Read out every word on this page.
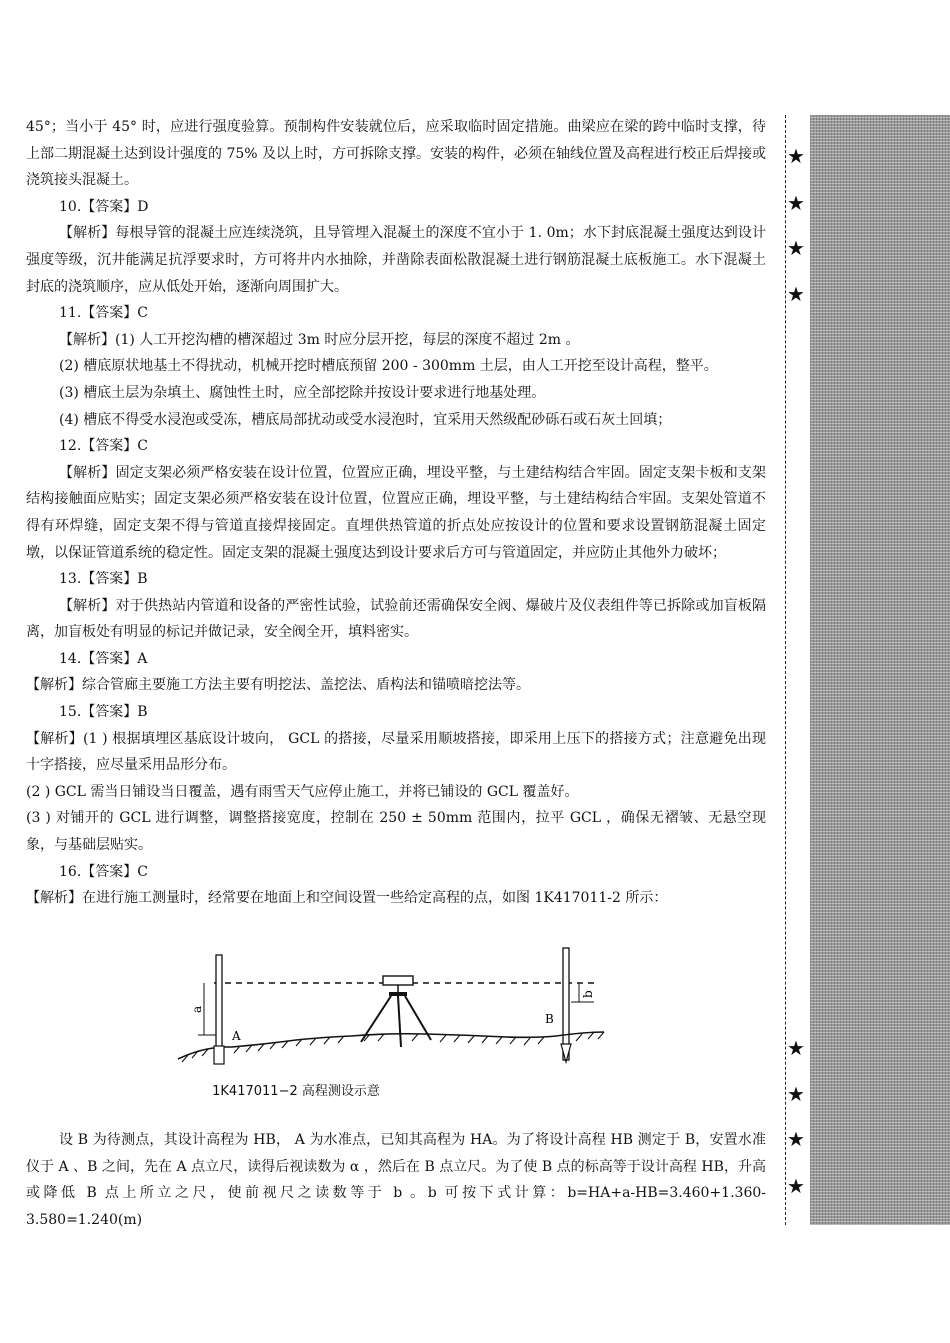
★
★
★
★
★
★
★
★

45°；当小于 45° 时，应进行强度验算。预制构件安装就位后，应采取临时固定措施。曲梁应在梁的跨中临时支撑，待上部二期混凝土达到设计强度的 75% 及以上时，方可拆除支撑。安装的构件，必须在轴线位置及高程进行校正后焊接或浇筑接头混凝土。

10.【答案】D

【解析】每根导管的混凝土应连续浇筑，且导管埋入混凝土的深度不宜小于 1. 0m；水下封底混凝土强度达到设计强度等级，沉井能满足抗浮要求时，方可将井内水抽除，并凿除表面松散混凝土进行钢筋混凝土底板施工。水下混凝土封底的浇筑顺序，应从低处开始，逐渐向周围扩大。

11.【答案】C

【解析】(1) 人工开挖沟槽的槽深超过 3m 时应分层开挖，每层的深度不超过 2m 。

(2) 槽底原状地基土不得扰动，机械开挖时槽底预留 200 - 300mm 土层，由人工开挖至设计高程，整平。

(3) 槽底土层为杂填土、腐蚀性土时，应全部挖除并按设计要求进行地基处理。

(4) 槽底不得受水浸泡或受冻，槽底局部扰动或受水浸泡时，宜采用天然级配砂砾石或石灰土回填；

12.【答案】C

【解析】固定支架必须严格安装在设计位置，位置应正确，埋设平整，与土建结构结合牢固。固定支架卡板和支架结构接触面应贴实；固定支架必须严格安装在设计位置，位置应正确，埋设平整，与土建结构结合牢固。支架处管道不得有环焊缝，固定支架不得与管道直接焊接固定。直埋供热管道的折点处应按设计的位置和要求设置钢筋混凝土固定墩，以保证管道系统的稳定性。固定支架的混凝土强度达到设计要求后方可与管道固定，并应防止其他外力破坏；

13.【答案】B

【解析】对于供热站内管道和设备的严密性试验，试验前还需确保安全阀、爆破片及仪表组件等已拆除或加盲板隔离，加盲板处有明显的标记并做记录，安全阀全开，填料密实。

14.【答案】A

【解析】综合管廊主要施工方法主要有明挖法、盖挖法、盾构法和锚喷暗挖法等。

15.【答案】B

【解析】(1 ) 根据填埋区基底设计坡向， GCL 的搭接，尽量采用顺坡搭接，即采用上压下的搭接方式；注意避免出现十字搭接，应尽量采用品形分布。

(2 ) GCL 需当日铺设当日覆盖，遇有雨雪天气应停止施工，并将已铺设的 GCL 覆盖好。

(3 ) 对铺开的 GCL 进行调整，调整搭接宽度，控制在 250 ± 50mm 范围内，拉平 GCL ，确保无褶皱、无悬空现象，与基础层贴实。

16.【答案】C

【解析】在进行施工测量时，经常要在地面上和空间设置一些给定高程的点，如图 1K417011-2 所示：

a
b
A
B
1K417011−2 高程测设示意

设 B 为待测点，其设计高程为 HB， A 为水准点，已知其高程为 HA。为了将设计高程 HB 测定于 B，安置水准仪于 A 、B 之间，先在 A 点立尺，读得后视读数为 α ，然后在 B 点立尺。为了使 B 点的标高等于设计高程 HB，升高或降低 B 点上所立之尺，使前视尺之读数等于 b 。b 可按下式计算：b=HA+a-HB=3.460+1.360-3.580=1.240(m)
